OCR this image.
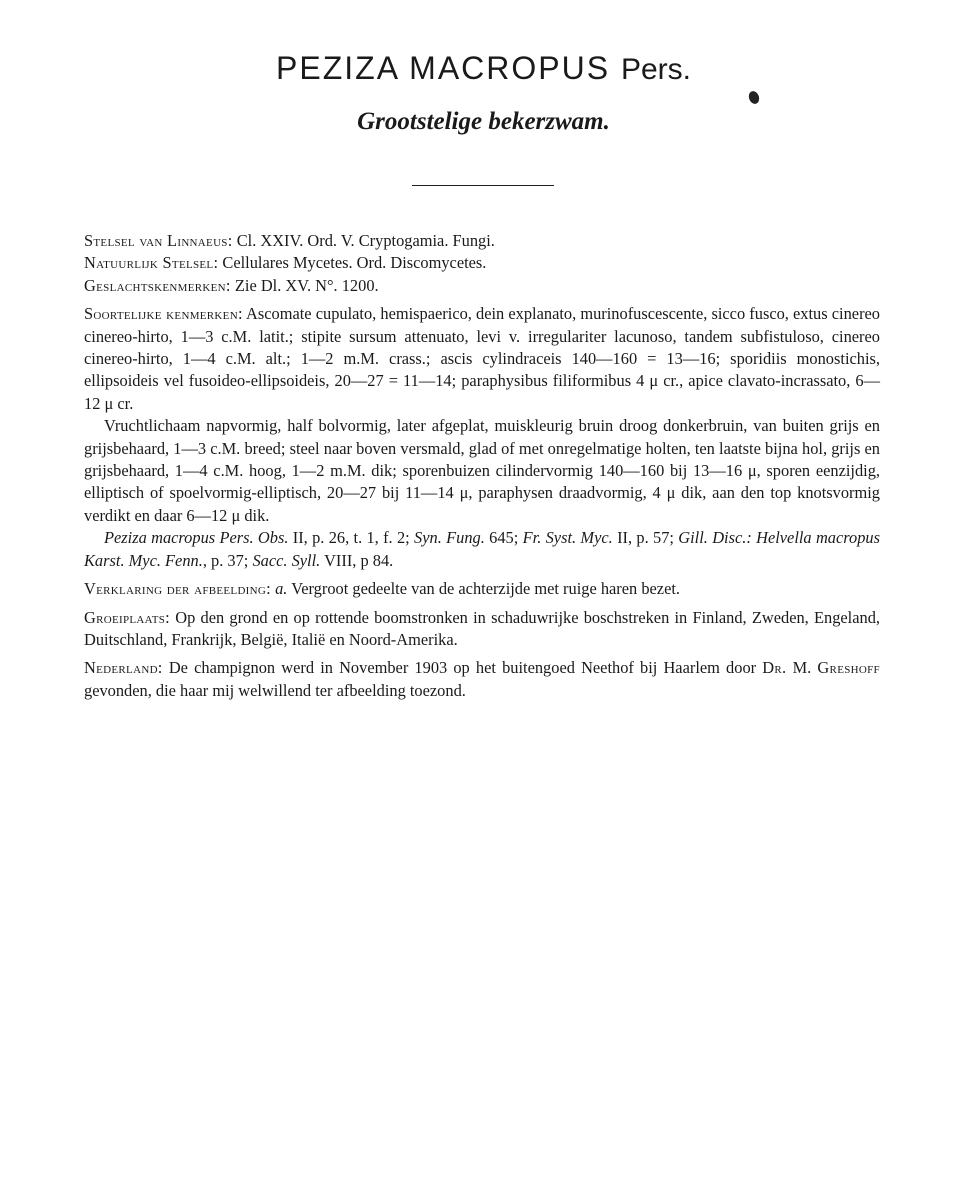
PEZIZA MACROPUS Pers.
Grootstelige bekerzwam.

Stelsel van Linnaeus: Cl. XXIV. Ord. V. Cryptogamia. Fungi.

Natuurlijk Stelsel: Cellulares Mycetes. Ord. Discomycetes.

Geslachtskenmerken: Zie Dl. XV. N°. 1200.

Soortelijke kenmerken: Ascomate cupulato, hemispaerico, dein explanato, murinofuscescente, sicco fusco, extus cinereo cinereo-hirto, 1—3 c.M. latit.; stipite sursum attenuato, levi v. irregulariter lacunoso, tandem subfistuloso, cinereo cinereo-hirto, 1—4 c.M. alt.; 1—2 m.M. crass.; ascis cylindraceis 140—160 = 13—16; sporidiis monostichis, ellipsoideis vel fusoideo-ellipsoideis, 20—27 = 11—14; paraphysibus filiformibus 4 μ cr., apice clavato-incrassato, 6—12 μ cr.

Vruchtlichaam napvormig, half bolvormig, later afgeplat, muiskleurig bruin droog donkerbruin, van buiten grijs en grijsbehaard, 1—3 c.M. breed; steel naar boven versmald, glad of met onregelmatige holten, ten laatste bijna hol, grijs en grijsbehaard, 1—4 c.M. hoog, 1—2 m.M. dik; sporenbuizen cilindervormig 140—160 bij 13—16 μ, sporen eenzijdig, elliptisch of spoelvormig-elliptisch, 20—27 bij 11—14 μ, paraphysen draadvormig, 4 μ dik, aan den top knotsvormig verdikt en daar 6—12 μ dik.

Peziza macropus Pers. Obs. II, p. 26, t. 1, f. 2; Syn. Fung. 645; Fr. Syst. Myc. II, p. 57; Gill. Disc.: Helvella macropus Karst. Myc. Fenn., p. 37; Sacc. Syll. VIII, p 84.

Verklaring der afbeelding: a. Vergroot gedeelte van de achterzijde met ruige haren bezet.

Groeiplaats: Op den grond en op rottende boomstronken in schaduwrijke boschstreken in Finland, Zweden, Engeland, Duitschland, Frankrijk, België, Italië en Noord-Amerika.

Nederland: De champignon werd in November 1903 op het buitengoed Neethof bij Haarlem door Dr. M. Greshoff gevonden, die haar mij welwillend ter afbeelding toezond.
